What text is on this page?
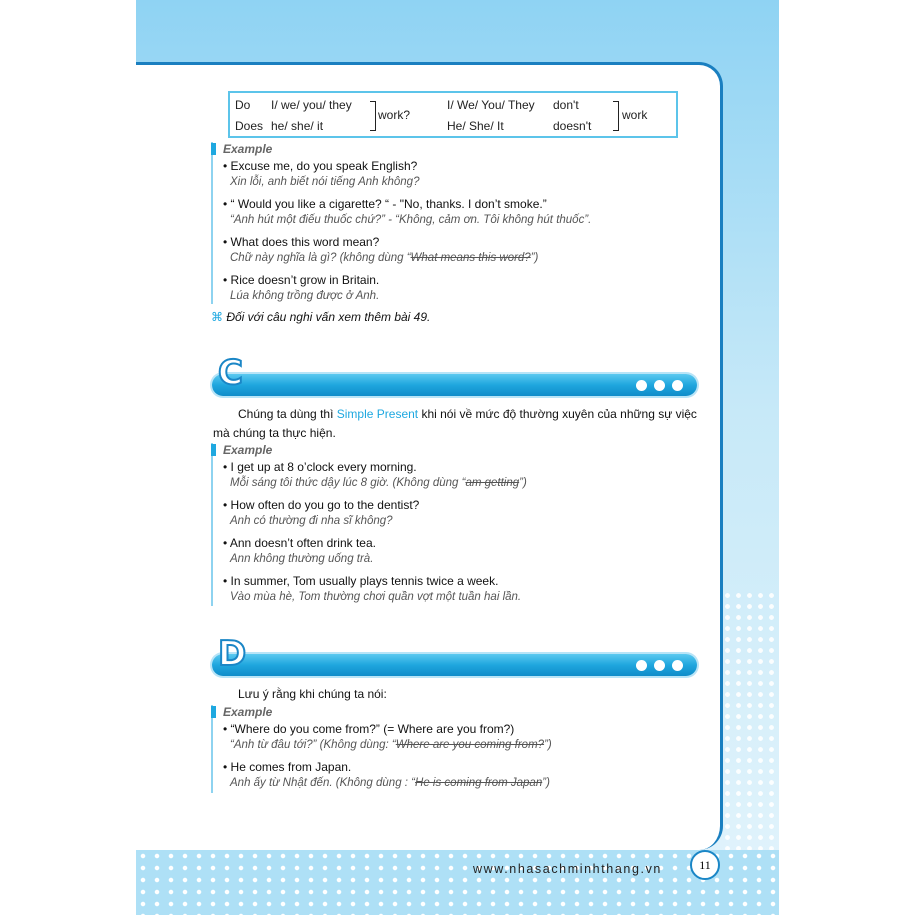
Do I/ we/ you/ they
Does he/ she/ it
work?
I/ We/ You/ They don't
He/ She/ It	doesn't
work
Example
• Excuse me, do you speak English?
Xin lỗi, anh biết nói tiếng Anh không?
• “ Would you like a cigarette? “ - "No, thanks. I don’t smoke.”
“Anh hút một điếu thuốc chứ?” - “Không, cảm ơn. Tôi không hút thuốc”.
• What does this word mean?
Chữ này nghĩa là gì? (không dùng “What means this word?”)
• Rice doesn’t grow in Britain.
Lúa không trồng được ở Anh.
⌘ Đối với câu nghi vấn xem thêm bài 49.
C
Chúng ta dùng thì Simple Present khi nói về mức độ thường xuyên của những sự việc mà chúng ta thực hiện.
Example
• I get up at 8 o’clock every morning.
Mỗi sáng tôi thức dậy lúc 8 giờ. (Không dùng “am getting”)
• How often do you go to the dentist?
Anh có thường đi nha sĩ không?
• Ann doesn’t often drink tea.
Ann không thường uống trà.
• In summer, Tom usually plays tennis twice a week.
Vào mùa hè, Tom thường chơi quần vợt một tuần hai lần.
D
Lưu ý rằng khi chúng ta nói:
Example
• “Where do you come from?” (= Where are you from?)
“Anh từ đâu tới?” (Không dùng: “Where are you coming from?”)
• He comes from Japan.
Anh ấy từ Nhật đến. (Không dùng : “He is coming from Japan”)
www.nhasachminhthang.vn	11
